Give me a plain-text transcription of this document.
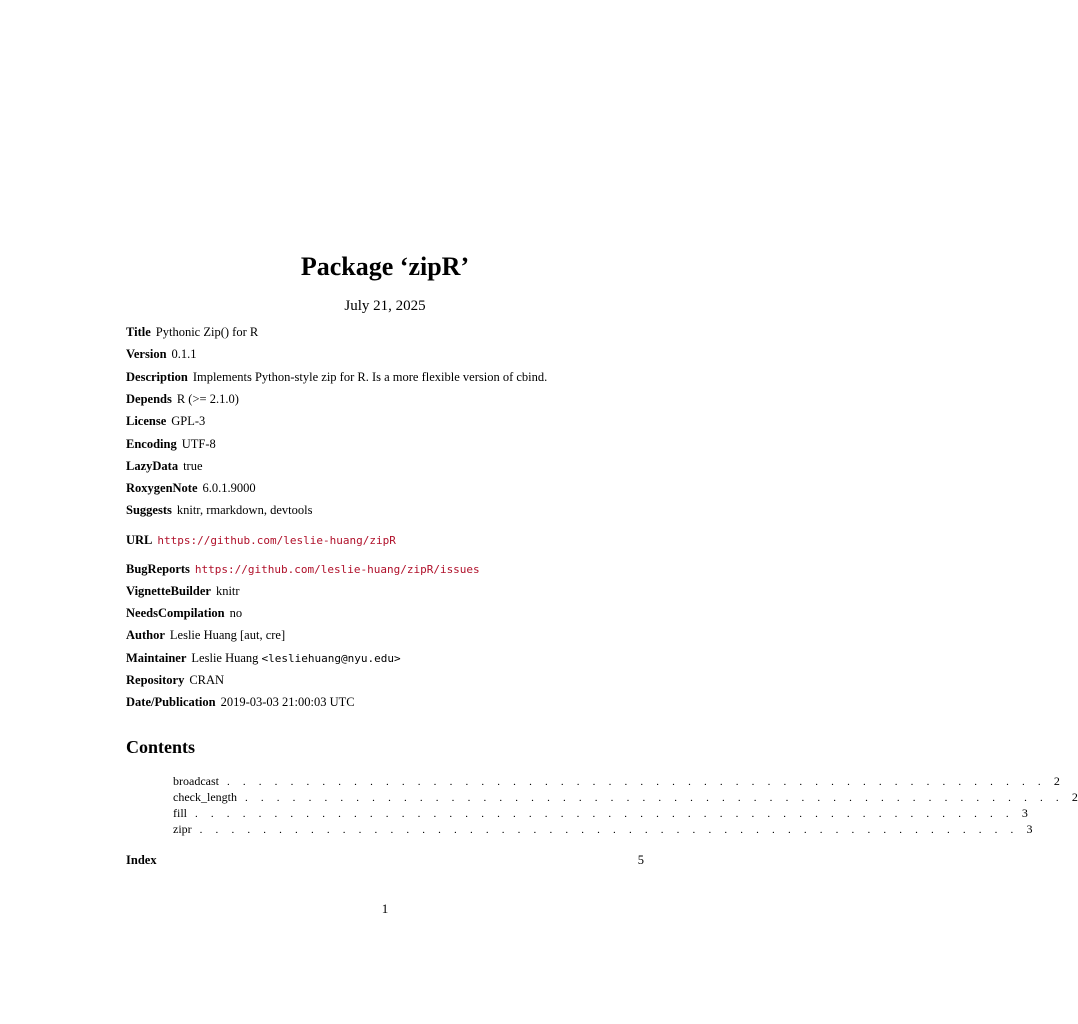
Package ‘zipR’
July 21, 2025
Title Pythonic Zip() for R
Version 0.1.1
Description Implements Python-style zip for R. Is a more flexible version of cbind.
Depends R (>= 2.1.0)
License GPL-3
Encoding UTF-8
LazyData true
RoxygenNote 6.0.1.9000
Suggests knitr, rmarkdown, devtools
URL https://github.com/leslie-huang/zipR
BugReports https://github.com/leslie-huang/zipR/issues
VignetteBuilder knitr
NeedsCompilation no
Author Leslie Huang [aut, cre]
Maintainer Leslie Huang <lesliehuang@nyu.edu>
Repository CRAN
Date/Publication 2019-03-03 21:00:03 UTC
Contents
broadcast . . . . . . . . . . . . . . . . . . . . . . . . . . . . . . . . . . . . . . . . . . . . . . . . . . . . 2
check_length . . . . . . . . . . . . . . . . . . . . . . . . . . . . . . . . . . . . . . . . . . . . . . . . . . . . 2
fill . . . . . . . . . . . . . . . . . . . . . . . . . . . . . . . . . . . . . . . . . . . . . . . . . . . . 3
zipr . . . . . . . . . . . . . . . . . . . . . . . . . . . . . . . . . . . . . . . . . . . . . . . . . . . . 3
Index	5
1
